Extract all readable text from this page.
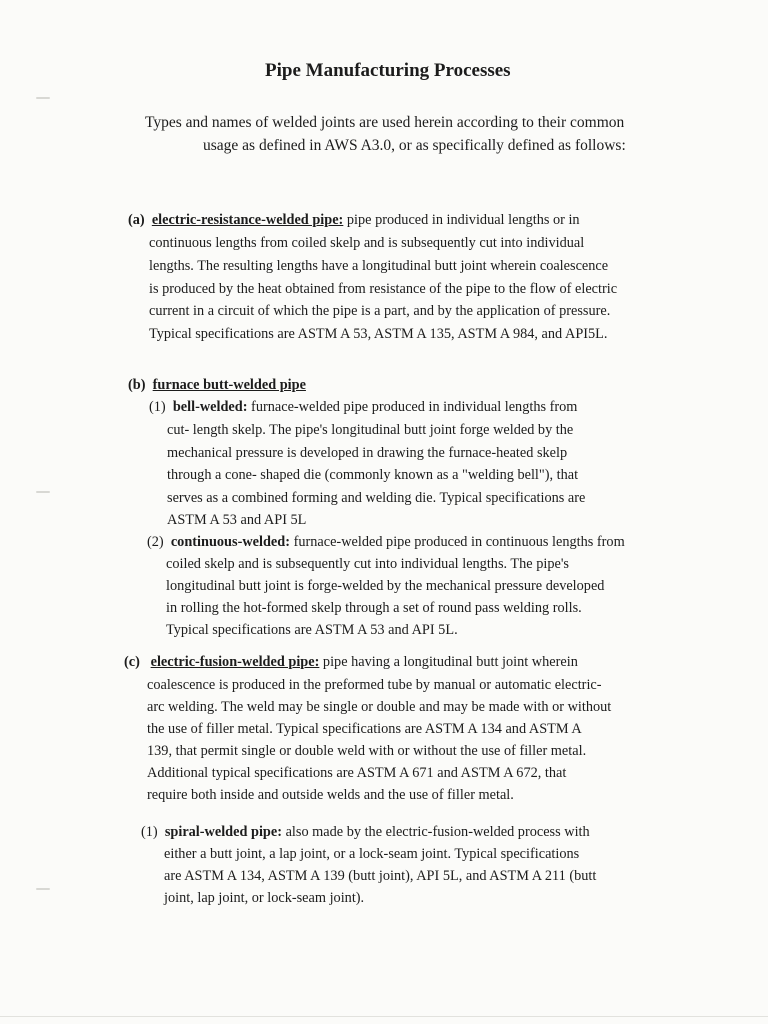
Pipe Manufacturing Processes
Types and names of welded joints are used herein according to their common
usage as defined in AWS A3.0, or as specifically defined as follows:
(a) electric-resistance-welded pipe: pipe produced in individual lengths or in
continuous lengths from coiled skelp and is subsequently cut into individual
lengths. The resulting lengths have a longitudinal butt joint wherein coalescence
is produced by the heat obtained from resistance of the pipe to the flow of electric
current in a circuit of which the pipe is a part, and by the application of pressure.
Typical specifications are ASTM A 53, ASTM A 135, ASTM A 984, and API5L.
(b) furnace butt-welded pipe
(1) bell-welded: furnace-welded pipe produced in individual lengths from
cut- length skelp. The pipe's longitudinal butt joint forge welded by the
mechanical pressure is developed in drawing the furnace-heated skelp
through a cone- shaped die (commonly known as a "welding bell"), that
serves as a combined forming and welding die. Typical specifications are
ASTM A 53 and API 5L
(2) continuous-welded: furnace-welded pipe produced in continuous lengths from
coiled skelp and is subsequently cut into individual lengths. The pipe's
longitudinal butt joint is forge-welded by the mechanical pressure developed
in rolling the hot-formed skelp through a set of round pass welding rolls.
Typical specifications are ASTM A 53 and API 5L.
(c) electric-fusion-welded pipe: pipe having a longitudinal butt joint wherein
coalescence is produced in the preformed tube by manual or automatic electric-
arc welding. The weld may be single or double and may be made with or without
the use of filler metal. Typical specifications are ASTM A 134 and ASTM A
139, that permit single or double weld with or without the use of filler metal.
Additional typical specifications are ASTM A 671 and ASTM A 672, that
require both inside and outside welds and the use of filler metal.
(1) spiral-welded pipe: also made by the electric-fusion-welded process with
either a butt joint, a lap joint, or a lock-seam joint. Typical specifications
are ASTM A 134, ASTM A 139 (butt joint), API 5L, and ASTM A 211 (butt
joint, lap joint, or lock-seam joint).
